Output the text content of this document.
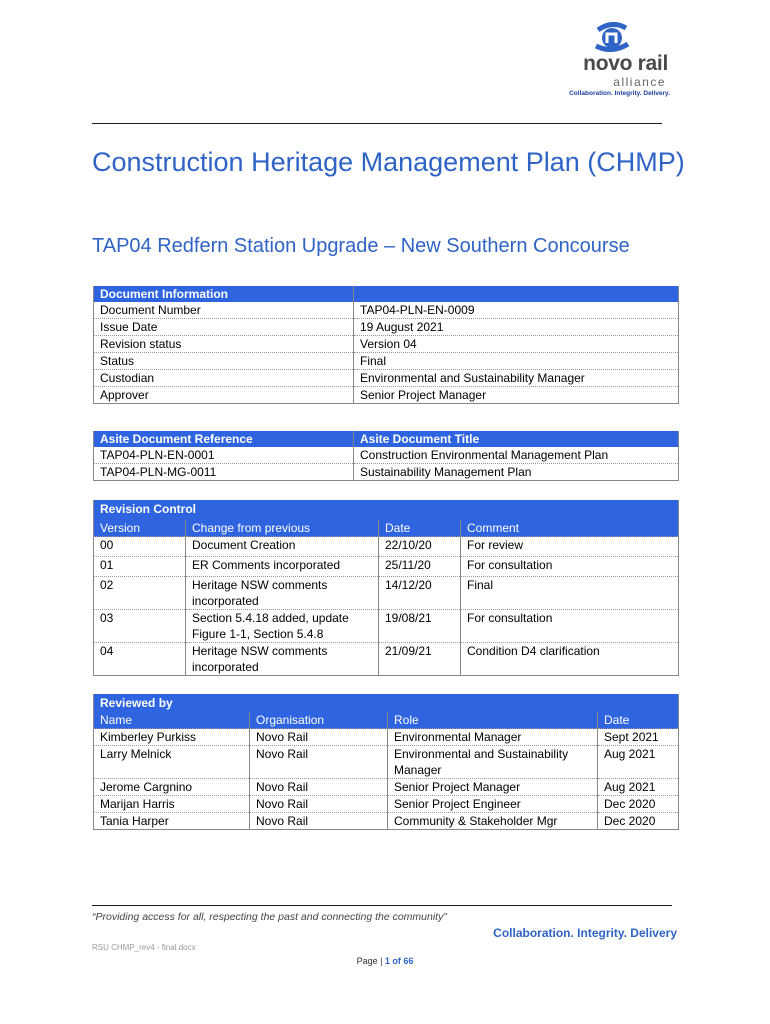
novo rail
alliance
Collaboration. Integrity. Delivery.
Construction Heritage Management Plan (CHMP)
TAP04 Redfern Station Upgrade – New Southern Concourse
Document Information	
Document Number	TAP04-PLN-EN-0009
Issue Date	19 August 2021
Revision status	Version 04
Status	Final
Custodian	Environmental and Sustainability Manager
Approver	Senior Project Manager
Asite Document Reference	Asite Document Title
TAP04-PLN-EN-0001	Construction Environmental Management Plan
TAP04-PLN-MG-0011	Sustainability Management Plan
Revision Control			
Version	Change from previous	Date	Comment
00	Document Creation	22/10/20	For review
01	ER Comments incorporated	25/11/20	For consultation
02	Heritage NSW comments incorporated	14/12/20	Final
03	Section 5.4.18 added, update Figure 1-1, Section 5.4.8	19/08/21	For consultation
04	Heritage NSW comments incorporated	21/09/21	Condition D4 clarification
Reviewed by			
Name	Organisation	Role	Date
Kimberley Purkiss	Novo Rail	Environmental Manager	Sept 2021
Larry Melnick	Novo Rail	Environmental and Sustainability Manager	Aug 2021
Jerome Cargnino	Novo Rail	Senior Project Manager	Aug 2021
Marijan Harris	Novo Rail	Senior Project Engineer	Dec 2020
Tania Harper	Novo Rail	Community & Stakeholder Mgr	Dec 2020
“Providing access for all, respecting the past and connecting the community”
Collaboration. Integrity. Delivery
RSU CHMP_rev4 - final.docx
Page | 1 of 66
